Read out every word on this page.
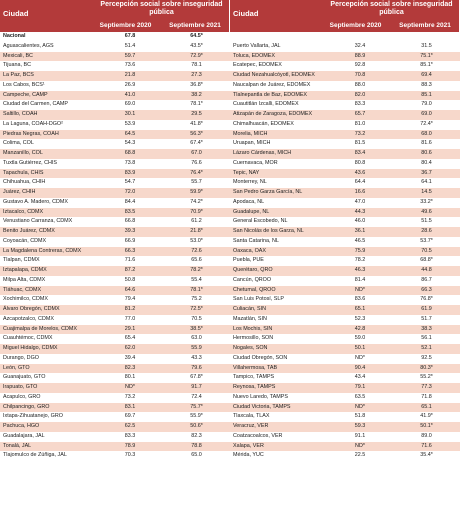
Ciudad
Percepción social sobre inseguridad pública
Septiembre 2020	Septiembre 2021
Nacional	67.8	64.5*
Aguascalientes, AGS	51.4	43.5*
Mexicali, BC	59.7	72.9*
Tijuana, BC	73.6	78.1
La Paz, BCS	21.8	27.3
Los Cabos, BCS¹	26.9	36.8*
Campeche, CAMP	41.0	38.2
Ciudad del Carmen, CAMP	69.0	78.1*
Saltillo, COAH	30.1	29.5
La Laguna, COAH-DGO²	53.9	41.8*
Piedras Negras, COAH	64.5	56.3*
Colima, COL	54.3	67.4*
Manzanillo, COL	68.8	67.0
Tuxtla Gutiérrez, CHIS	73.8	76.6
Tapachula, CHIS	83.9	76.4*
Chihuahua, CHIH	54.7	55.7
Juárez, CHIH	72.0	59.9*
Gustavo A. Madero, CDMX	84.4	74.2*
Iztacalco, CDMX	83.5	70.9*
Venustiano Carranza, CDMX	66.8	61.2
Benito Juárez, CDMX	39.3	21.8*
Coyoacán, CDMX	66.9	53.0*
La Magdalena Contreras, CDMX	66.3	72.6
Tlalpan, CDMX	71.6	65.6
Iztapalapa, CDMX	87.2	78.2*
Milpa Alta, CDMX	50.8	55.4
Tláhuac, CDMX	64.6	78.1*
Xochimilco, CDMX	79.4	75.2
Álvaro Obregón, CDMX	81.2	72.5*
Azcapotzalco, CDMX	77.0	70.5
Cuajimalpa de Morelos, CDMX	29.1	38.5*
Cuauhtémoc, CDMX	65.4	63.0
Miguel Hidalgo, CDMX	62.0	55.9
Durango, DGO	39.4	43.3
León, GTO	82.3	79.6
Guanajuato, GTO	80.1	67.8*
Irapuato, GTO	ND*	91.7
Acapulco, GRO	73.2	72.4
Chilpancingo, GRO	83.1	75.7*
Ixtapa-Zihuatanejo, GRO	69.7	55.9*
Pachuca, HGO	62.5	50.6*
Guadalajara, JAL	83.3	82.3
Tonalá, JAL	78.9	78.8
Tlajomulco de Zúñiga, JAL	70.3	65.0
Ciudad
Percepción social sobre inseguridad pública
Septiembre 2020	Septiembre 2021
Puerto Vallarta, JAL	32.4	31.5
Toluca, EDOMEX	88.9	75.1*
Ecatepec, EDOMEX	92.8	85.1*
Ciudad Nezahualcóyotl, EDOMEX	70.8	69.4
Naucalpan de Juárez, EDOMEX	88.0	88.3
Tlalnepantla de Baz, EDOMEX	82.0	85.1
Cuautitlán Izcalli, EDOMEX	83.3	79.0
Atizapán de Zaragoza, EDOMEX	65.7	69.0
Chimalhuacán, EDOMEX	81.0	72.4*
Morelia, MICH	73.2	68.0
Uruapan, MICH	81.5	81.6
Lázaro Cárdenas, MICH	83.4	80.6
Cuernavaca, MOR	80.8	80.4
Tepic, NAY	43.6	36.7
Monterrey, NL	64.4	64.1
San Pedro Garza García, NL	16.6	14.5
Apodaca, NL	47.0	33.2*
Guadalupe, NL	44.3	49.6
General Escobedo, NL	46.0	51.5
San Nicolás de los Garza, NL	36.1	28.6
Santa Catarina, NL	46.5	53.7*
Oaxaca, OAX	75.9	70.5
Puebla, PUE	78.2	68.8*
Querétaro, QRO	46.3	44.8
Cancún, QROO	81.4	86.7
Chetumal, QROO	ND*	66.3
San Luis Potosí, SLP	83.6	76.8*
Culiacán, SIN	65.1	61.9
Mazatlán, SIN	52.3	51.7
Los Mochis, SIN	42.8	38.3
Hermosillo, SON	59.0	56.1
Nogales, SON	50.1	52.1
Ciudad Obregón, SON	ND*	92.5
Villahermosa, TAB	90.4	80.3*
Tampico, TAMPS	43.4	55.2*
Reynosa, TAMPS	79.1	77.3
Nuevo Laredo, TAMPS	63.5	71.8
Ciudad Victoria, TAMPS	ND*	65.1
Tlaxcala, TLAX	51.8	41.9*
Veracruz, VER	59.3	50.1*
Coatzacoalcos, VER	91.1	89.0
Xalapa, VER	ND*	71.6
Mérida, YUC	22.5	35.4*
